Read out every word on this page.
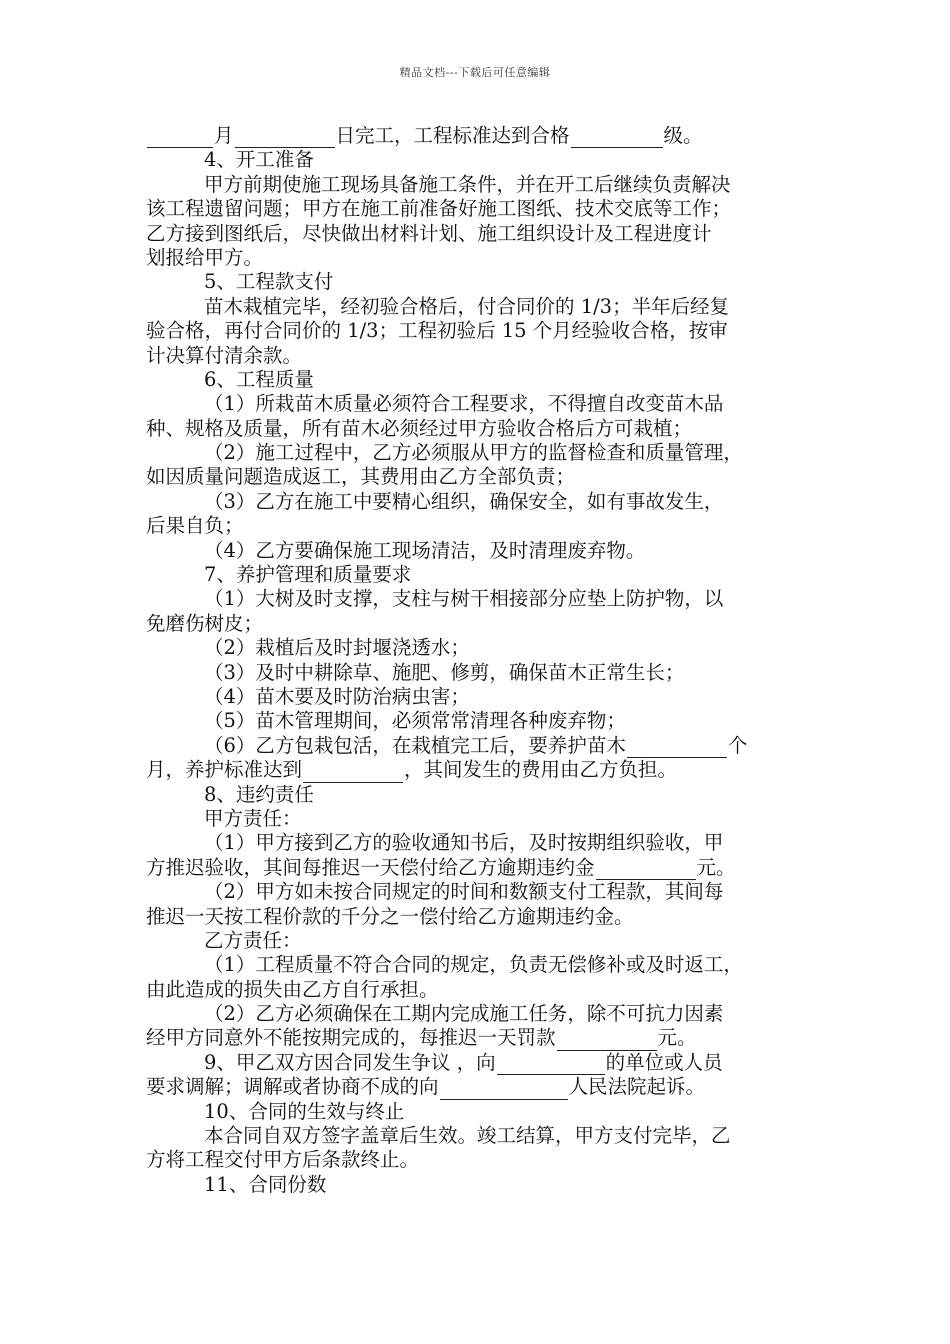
精品文档---下载后可任意编辑
月	日完工，工程标准达到合格	级。
4、开工准备
甲方前期使施工现场具备施工条件，并在开工后继续负责解决
该工程遗留问题；甲方在施工前准备好施工图纸、技术交底等工作；
乙方接到图纸后，尽快做出材料计划、施工组织设计及工程进度计
划报给甲方。
5、工程款支付
苗木栽植完毕，经初验合格后，付合同价的 1/3；半年后经复
验合格，再付合同价的 1/3；工程初验后 15 个月经验收合格，按审
计决算付清余款。
6、工程质量
（1）所栽苗木质量必须符合工程要求，不得擅自改变苗木品
种、规格及质量，所有苗木必须经过甲方验收合格后方可栽植；
（2）施工过程中，乙方必须服从甲方的监督检查和质量管理，
如因质量问题造成返工，其费用由乙方全部负责；
（3）乙方在施工中要精心组织，确保安全，如有事故发生，
后果自负；
（4）乙方要确保施工现场清洁，及时清理废弃物。
7、养护管理和质量要求
（1）大树及时支撑，支柱与树干相接部分应垫上防护物，以
免磨伤树皮；
（2）栽植后及时封堰浇透水；
（3）及时中耕除草、施肥、修剪，确保苗木正常生长；
（4）苗木要及时防治病虫害；
（5）苗木管理期间，必须常常清理各种废弃物；
（6）乙方包栽包活，在栽植完工后，要养护苗木	个
月，养护标准达到	，其间发生的费用由乙方负担。
8、违约责任
甲方责任：
（1）甲方接到乙方的验收通知书后，及时按期组织验收，甲
方推迟验收，其间每推迟一天偿付给乙方逾期违约金	元。
（2）甲方如未按合同规定的时间和数额支付工程款，其间每
推迟一天按工程价款的千分之一偿付给乙方逾期违约金。
乙方责任：
（1）工程质量不符合合同的规定，负责无偿修补或及时返工，
由此造成的损失由乙方自行承担。
（2）乙方必须确保在工期内完成施工任务，除不可抗力因素
经甲方同意外不能按期完成的，每推迟一天罚款	元。
9、甲乙双方因合同发生争议 ，向	的单位或人员
要求调解；调解或者协商不成的向	人民法院起诉。
10、合同的生效与终止
本合同自双方签字盖章后生效。竣工结算，甲方支付完毕，乙
方将工程交付甲方后条款终止。
11、合同份数
